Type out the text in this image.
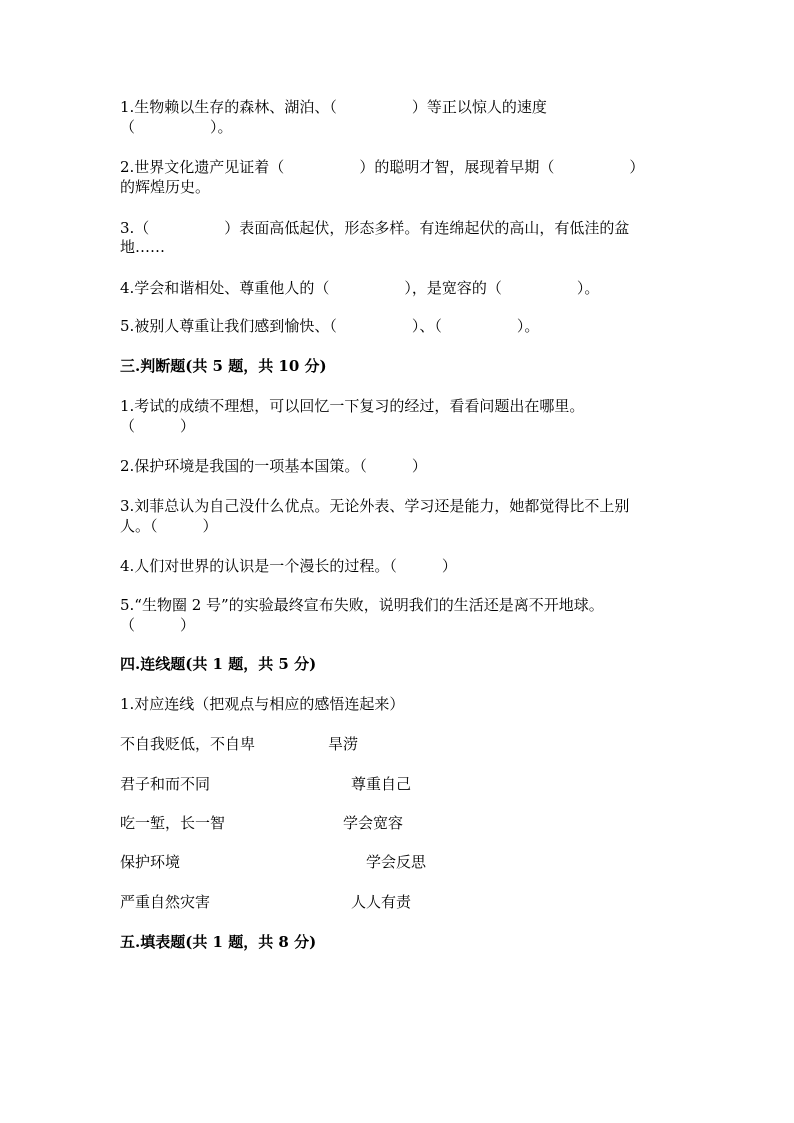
1.生物赖以生存的森林、湖泊、（　　　　　）等正以惊人的速度
（　　　　　）。
2.世界文化遗产见证着（　　　　　）的聪明才智，展现着早期（　　　　　）
的辉煌历史。
3.（　　　　　）表面高低起伏，形态多样。有连绵起伏的高山，有低洼的盆
地……
4.学会和谐相处、尊重他人的（　　　　　），是宽容的（　　　　　）。
5.被别人尊重让我们感到愉快、（　　　　　）、（　　　　　）。
三.判断题(共 5 题，共 10 分)
1.考试的成绩不理想，可以回忆一下复习的经过，看看问题出在哪里。
（　　　）
2.保护环境是我国的一项基本国策。（　　　）
3.刘菲总认为自己没什么优点。无论外表、学习还是能力，她都觉得比不上别
人。（　　　）
4.人们对世界的认识是一个漫长的过程。（　　　）
5.“生物圈 2 号”的实验最终宣布失败，说明我们的生活还是离不开地球。
（　　　）
四.连线题(共 1 题，共 5 分)
1.对应连线（把观点与相应的感悟连起来）
不自我贬低，不自卑	旱涝
君子和而不同	尊重自己
吃一堑，长一智	学会宽容
保护环境	学会反思
严重自然灾害	人人有责
五.填表题(共 1 题，共 8 分)
